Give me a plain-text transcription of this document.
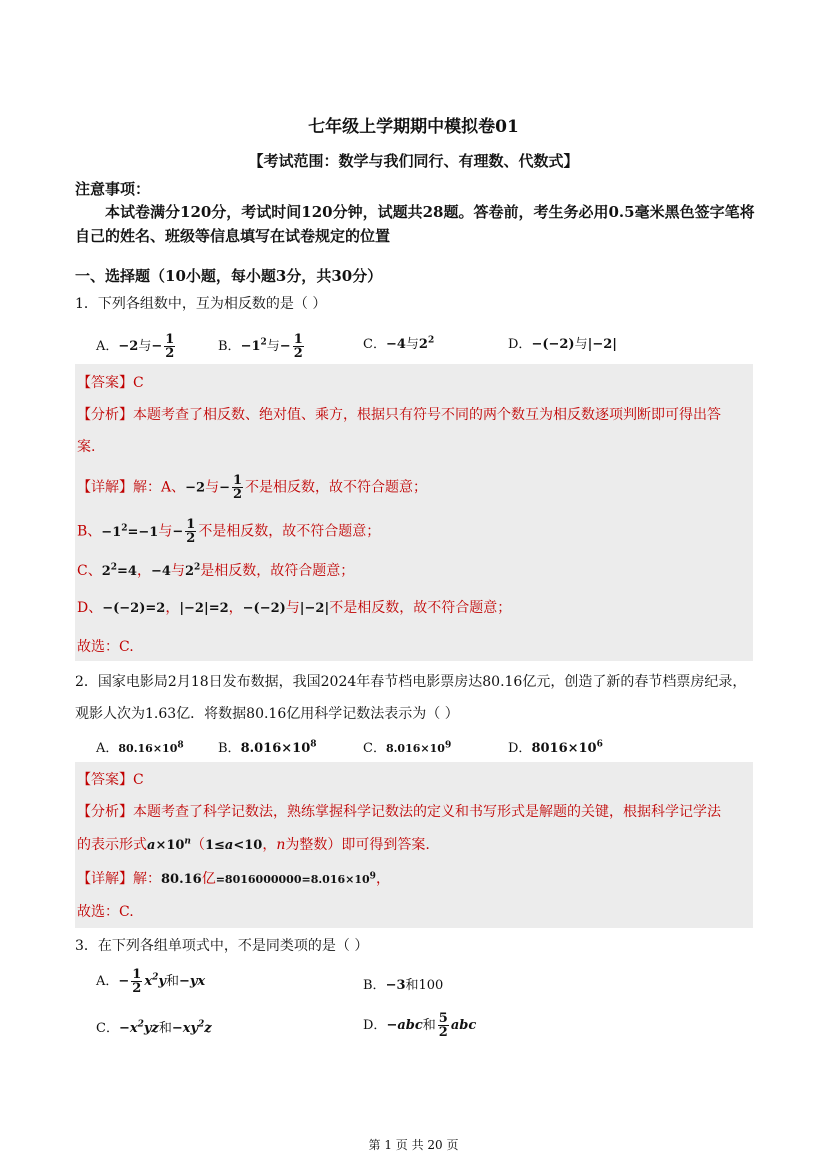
七年级上学期期中模拟卷01
【考试范围：数学与我们同行、有理数、代数式】
注意事项：
本试卷满分120分，考试时间120分钟，试题共28题。答卷前，考生务必用0.5毫米黑色签字笔将自己的姓名、班级等信息填写在试卷规定的位置
一、选择题（10小题，每小题3分，共30分）
1．下列各组数中，互为相反数的是（ ）
A．−2与− $\frac{1}{2}$	B．$-1^2$与− $\frac{1}{2}$	C．−4与$2^2$	D．−(−2)与|−2|
【答案】C
【分析】本题考查了相反数、绝对值、乘方，根据只有符号不同的两个数互为相反数逐项判断即可得出答
案.
【详解】解：A、−2与− $\frac{1}{2}$ 不是相反数，故不符合题意；
B、$-1^2=-1$与− $\frac{1}{2}$ 不是相反数，故不符合题意；
C、$2^2=4$，−4与$2^2$是相反数，故符合题意；
D、−(−2)=2，|−2|=2，−(−2)与|−2|不是相反数，故不符合题意；
故选：C.
2．国家电影局2月18日发布数据，我国2024年春节档电影票房达80.16亿元，创造了新的春节档票房纪录，
观影人次为1.63亿．将数据80.16亿用科学记数法表示为（ ）
A．$80.16\times 10^8$	B．$8.016\times 10^8$	C．$8.016\times 10^9$	D．$8016\times 10^6$
【答案】C
【分析】本题考查了科学记数法，熟练掌握科学记数法的定义和书写形式是解题的关键，根据科学记学法
的表示形式$a\times 10^n(1\le a<10$，n为整数）即可得到答案.
【详解】解：80.16亿$=8016000000=8.016\times 10^9$，
故选：C.
3．在下列各组单项式中，不是同类项的是（ ）
A．− $\frac{1}{2} x^2y$和−yx	B．−3和100
C．$-x^2yz$和$-xy^2z$	D．−abc和 $\frac{5}{2}$ abc
第 1 页 共 20 页
